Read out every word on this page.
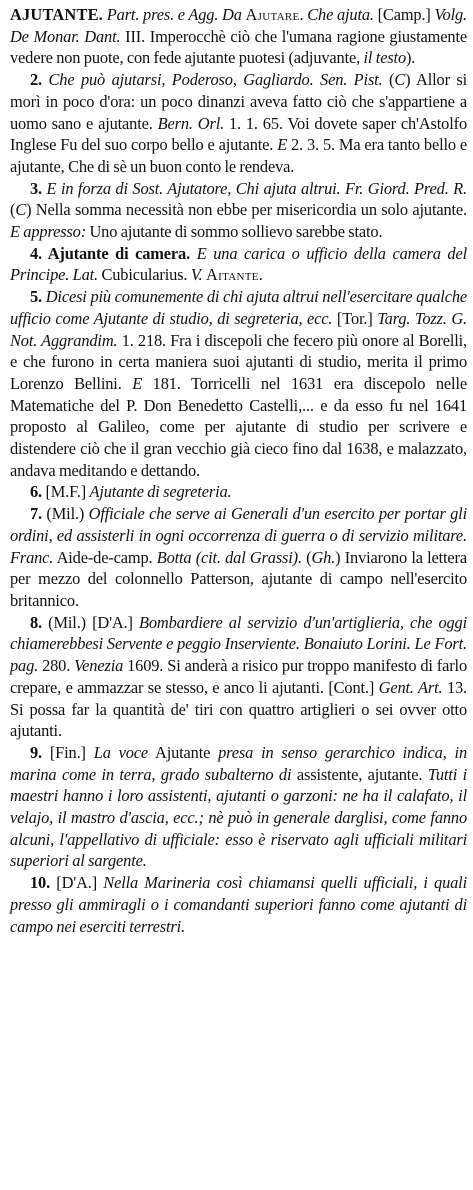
AJUTANTE. Part. pres. e Agg. Da Ajutare. Che ajuta. [Camp.] Volg. De Monar. Dant. III. Imperocchè ciò che l'umana ragione giustamente vedere non puote, con fede ajutante puotesi (adjuvante, il testo).

2. Che può ajutarsi, Poderoso, Gagliardo. Sen. Pist. (C) Allor si morì in poco d'ora: un poco dinanzi aveva fatto ciò che s'appartiene a uomo sano e ajutante. Bern. Orl. 1. 1. 65. Voi dovete saper ch'Astolfo Inglese Fu del suo corpo bello e ajutante. E 2. 3. 5. Ma era tanto bello e ajutante, Che di sè un buon conto le rendeva.

3. E in forza di Sost. Ajutatore, Chi ajuta altrui. Fr. Giord. Pred. R. (C) Nella somma necessità non ebbe per misericordia un solo ajutante. E appresso: Uno ajutante di sommo sollievo sarebbe stato.

4. Ajutante di camera. E una carica o ufficio della camera del Principe. Lat. Cubicularius. V. Aitante.

5. Dicesi più comunemente di chi ajuta altrui nell'esercitare qualche ufficio come Ajutante di studio, di segreteria, ecc. [Tor.] Targ. Tozz. G. Not. Aggrandim. 1. 218. Fra i discepoli che fecero più onore al Borelli, e che furono in certa maniera suoi ajutanti di studio, merita il primo Lorenzo Bellini. E 181. Torricelli nel 1631 era discepolo nelle Matematiche del P. Don Benedetto Castelli,... e da esso fu nel 1641 proposto al Galileo, come per ajutante di studio per scrivere e distendere ciò che il gran vecchio già cieco fino dal 1638, e malazzato, andava meditando e dettando.

6. [M.F.] Ajutante di segreteria.

7. (Mil.) Officiale che serve ai Generali d'un esercito per portar gli ordini, ed assisterli in ogni occorrenza di guerra o di servizio militare. Franc. Aide-de-camp. Botta (cit. dal Grassi). (Gh.) Inviarono la lettera per mezzo del colonnello Patterson, ajutante di campo nell'esercito britannico.

8. (Mil.) [D'A.] Bombardiere al servizio d'un'artiglieria, che oggi chiamerebbesi Servente e peggio Inserviente. Bonaiuto Lorini. Le Fort. pag. 280. Venezia 1609. Si anderà a risico pur troppo manifesto di farlo crepare, e ammazzar se stesso, e anco li ajutanti. [Cont.] Gent. Art. 13. Si possa far la quantità de' tiri con quattro artiglieri o sei ovver otto ajutanti.

9. [Fin.] La voce Ajutante presa in senso gerarchico indica, in marina come in terra, grado subalterno di assistente, ajutante. Tutti i maestri hanno i loro assistenti, ajutanti o garzoni: ne ha il calafato, il velajo, il mastro d'ascia, ecc.; nè può in generale darglisi, come fanno alcuni, l'appellativo di ufficiale: esso è riservato agli ufficiali militari superiori al sargente.

10. [D'A.] Nella Marineria così chiamansi quelli ufficiali, i quali presso gli ammiragli o i comandanti superiori fanno come ajutanti di campo nei eserciti terrestri.
